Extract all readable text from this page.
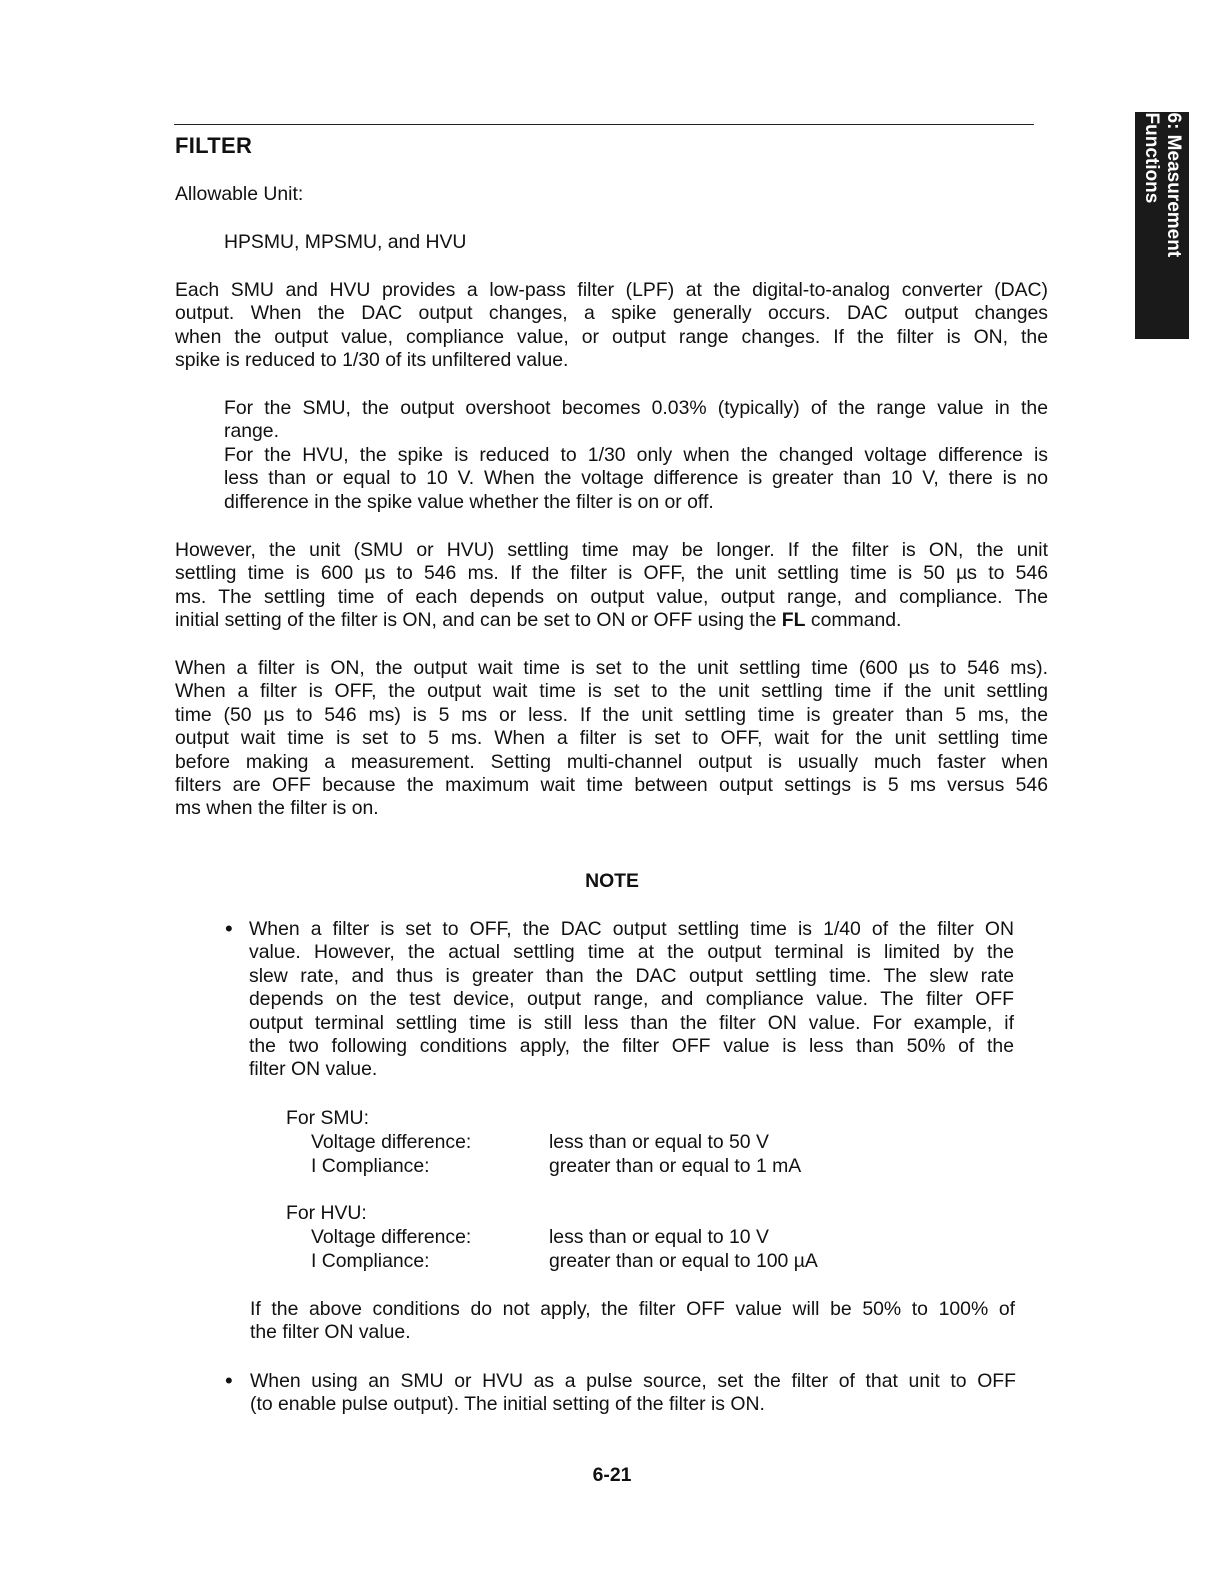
6: Measurement
Functions
FILTER

Allowable Unit:

HPSMU, MPSMU, and HVU

Each SMU and HVU provides a low-pass filter (LPF) at the digital-to-analog converter (DAC)
output. When the DAC output changes, a spike generally occurs. DAC output changes
when the output value, compliance value, or output range changes. If the filter is ON, the
spike is reduced to 1/30 of its unfiltered value.
For the SMU, the output overshoot becomes 0.03% (typically) of the range value in the
range.
For the HVU, the spike is reduced to 1/30 only when the changed voltage difference is
less than or equal to 10 V. When the voltage difference is greater than 10 V, there is no
difference in the spike value whether the filter is on or off.
However, the unit (SMU or HVU) settling time may be longer. If the filter is ON, the unit
settling time is 600 µs to 546 ms. If the filter is OFF, the unit settling time is 50 µs to 546
ms. The settling time of each depends on output value, output range, and compliance. The
initial setting of the filter is ON, and can be set to ON or OFF using the FL command.
When a filter is ON, the output wait time is set to the unit settling time (600 µs to 546 ms).
When a filter is OFF, the output wait time is set to the unit settling time if the unit settling
time (50 µs to 546 ms) is 5 ms or less. If the unit settling time is greater than 5 ms, the
output wait time is set to 5 ms. When a filter is set to OFF, wait for the unit settling time
before making a measurement. Setting multi-channel output is usually much faster when
filters are OFF because the maximum wait time between output settings is 5 ms versus 546
ms when the filter is on.
NOTE
• When a filter is set to OFF, the DAC output settling time is 1/40 of the filter ON
value. However, the actual settling time at the output terminal is limited by the
slew rate, and thus is greater than the DAC output settling time. The slew rate
depends on the test device, output range, and compliance value. The filter OFF
output terminal settling time is still less than the filter ON value. For example, if
the two following conditions apply, the filter OFF value is less than 50% of the
filter ON value.
For SMU:
Voltage difference:	less than or equal to 50 V
I Compliance:	greater than or equal to 1 mA
For HVU:
Voltage difference:	less than or equal to 10 V
I Compliance:	greater than or equal to 100 µA
If the above conditions do not apply, the filter OFF value will be 50% to 100% of
the filter ON value.
• When using an SMU or HVU as a pulse source, set the filter of that unit to OFF
(to enable pulse output). The initial setting of the filter is ON.
6-21
